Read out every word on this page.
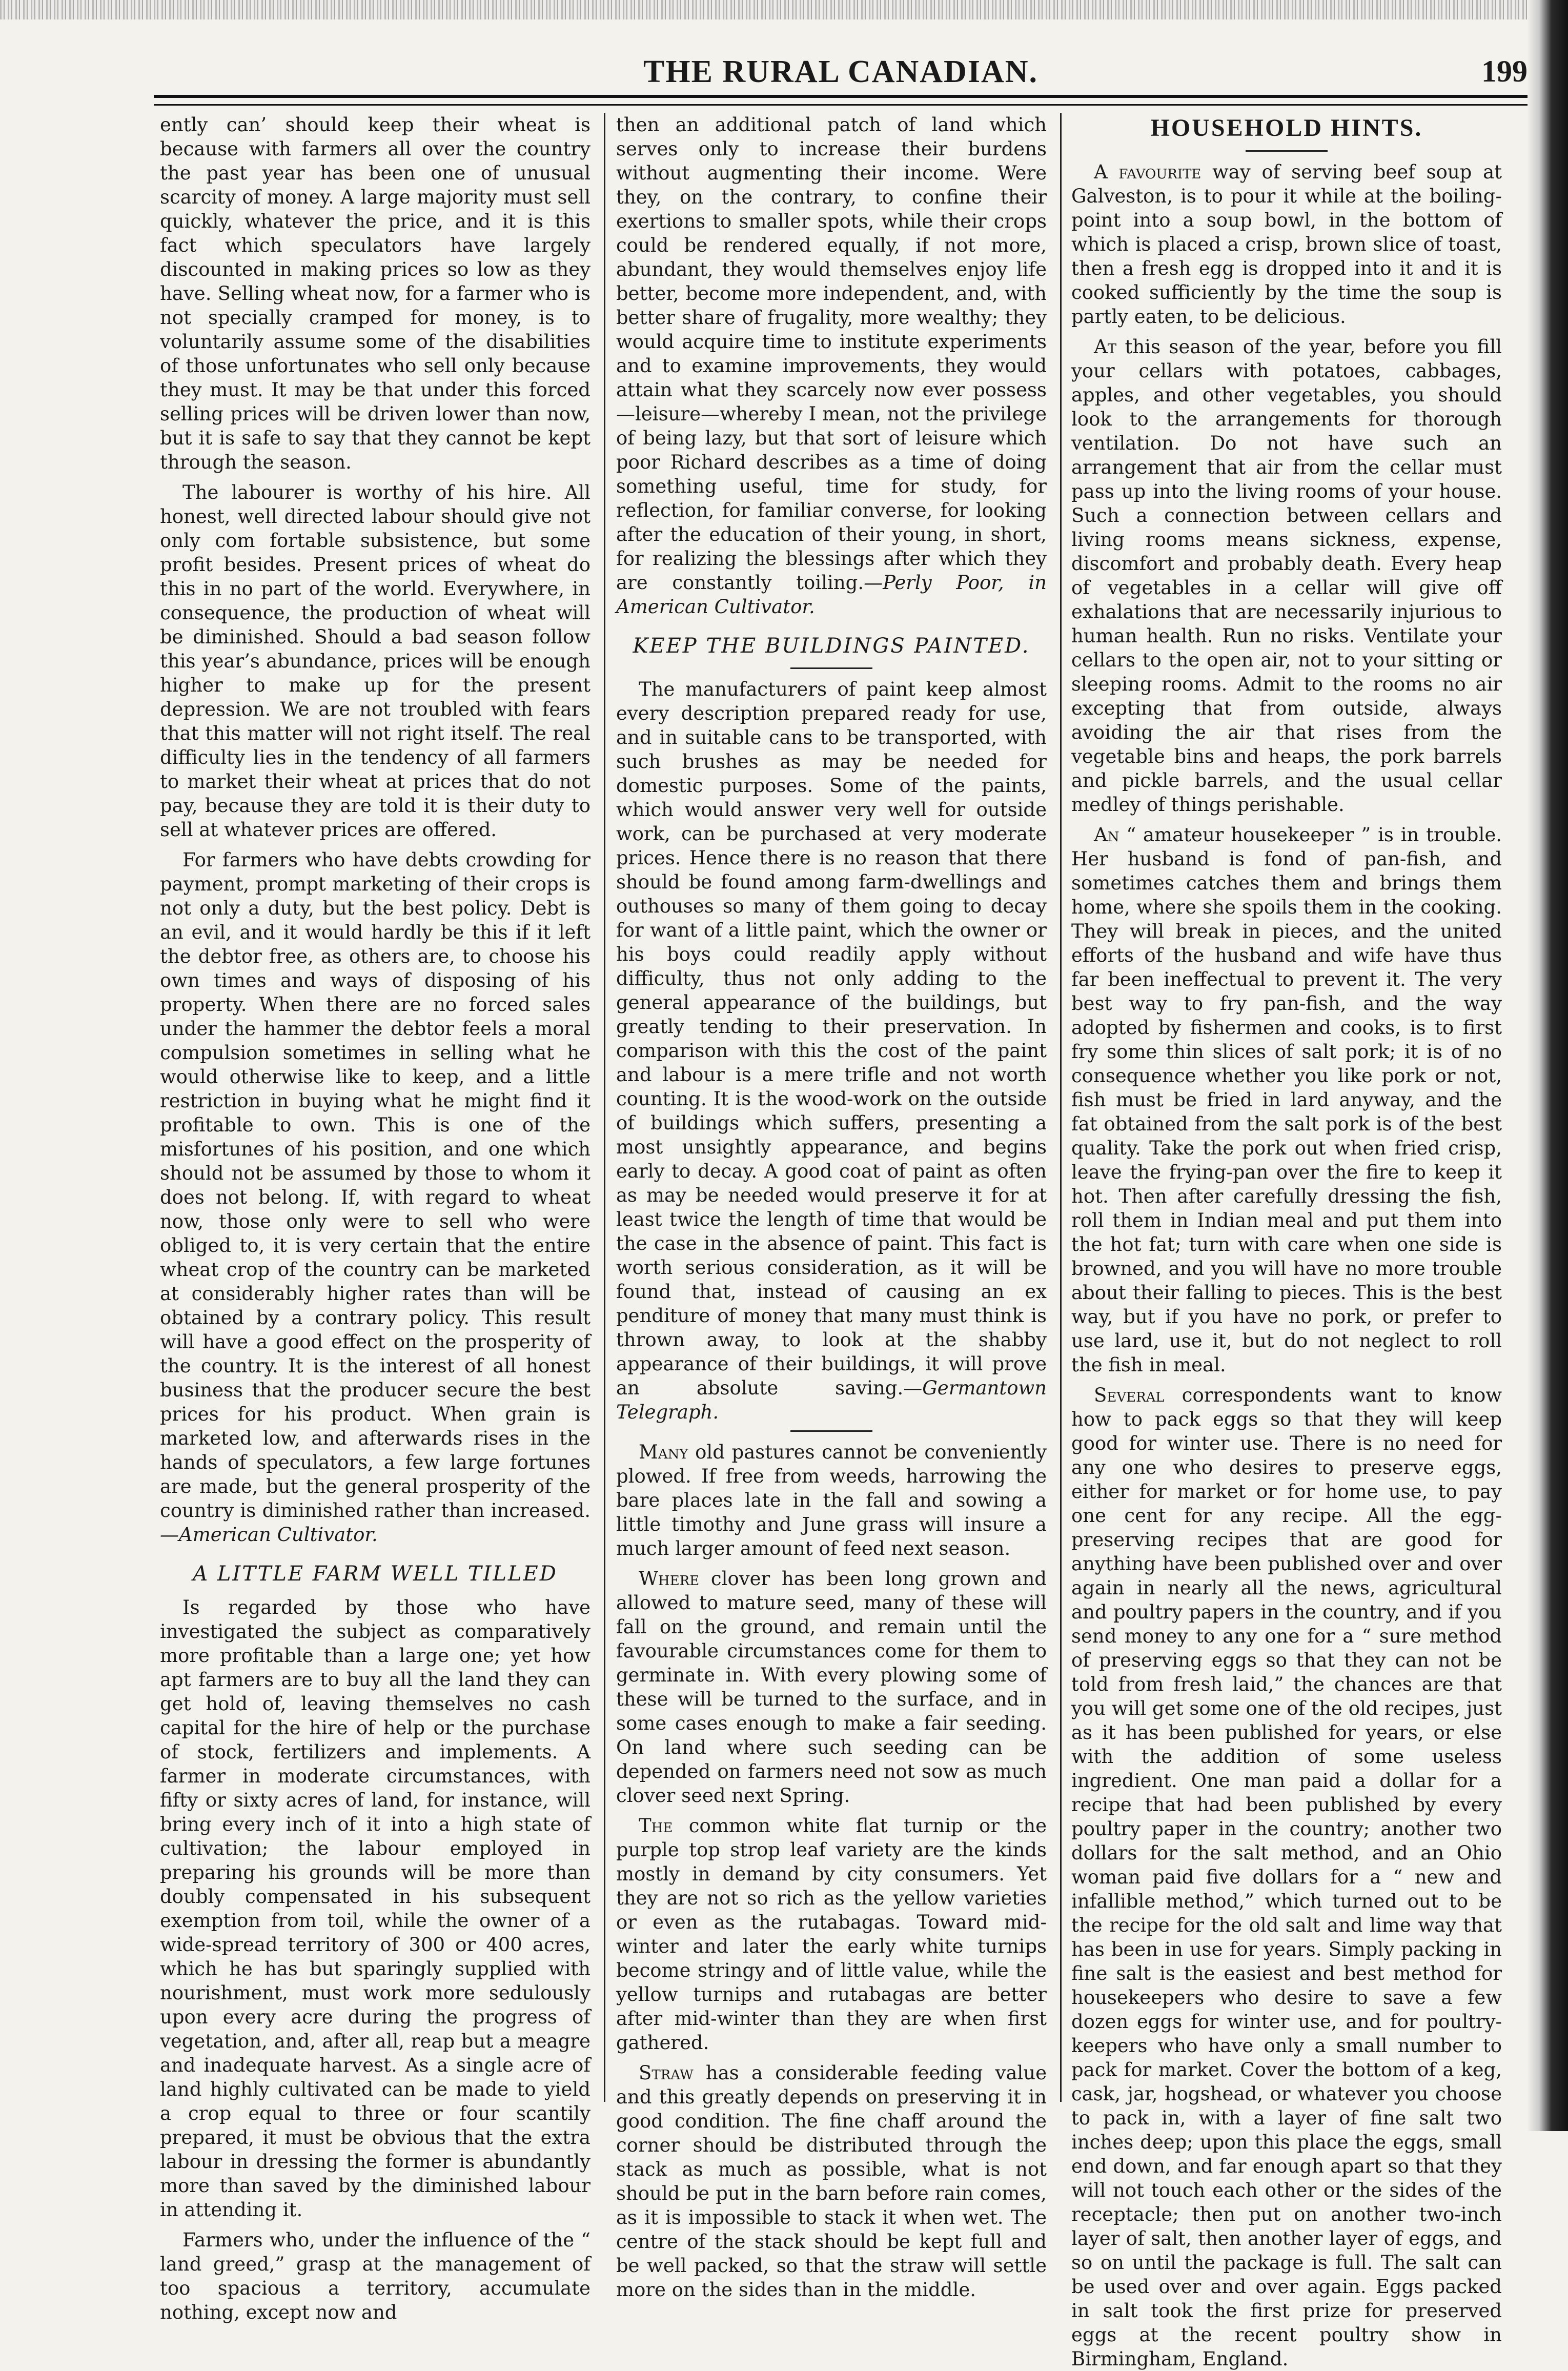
THE RURAL CANADIAN.	199

ently can’ should keep their wheat is because with farmers all over the country the past year has been one of unusual scarcity of money. A large majority must sell quickly, whatever the price, and it is this fact which speculators have largely discounted in making prices so low as they have. Selling wheat now, for a farmer who is not specially cramped for money, is to voluntarily assume some of the disabilities of those unfortunates who sell only because they must. It may be that under this forced selling prices will be driven lower than now, but it is safe to say that they cannot be kept through the season.

The labourer is worthy of his hire. All honest, well directed labour should give not only com fortable subsistence, but some profit besides. Present prices of wheat do this in no part of the world. Everywhere, in consequence, the production of wheat will be diminished. Should a bad season follow this year’s abundance, prices will be enough higher to make up for the present depression. We are not troubled with fears that this matter will not right itself. The real difficulty lies in the tendency of all farmers to market their wheat at prices that do not pay, because they are told it is their duty to sell at whatever prices are offered.

For farmers who have debts crowding for payment, prompt marketing of their crops is not only a duty, but the best policy. Debt is an evil, and it would hardly be this if it left the debtor free, as others are, to choose his own times and ways of disposing of his property. When there are no forced sales under the hammer the debtor feels a moral compulsion sometimes in selling what he would otherwise like to keep, and a little restriction in buying what he might find it profitable to own. This is one of the misfortunes of his position, and one which should not be assumed by those to whom it does not belong. If, with regard to wheat now, those only were to sell who were obliged to, it is very certain that the entire wheat crop of the country can be marketed at considerably higher rates than will be obtained by a contrary policy. This result will have a good effect on the prosperity of the country. It is the interest of all honest business that the producer secure the best prices for his product. When grain is marketed low, and afterwards rises in the hands of speculators, a few large fortunes are made, but the general prosperity of the country is diminished rather than increased.—American Cultivator.

A LITTLE FARM WELL TILLED

Is regarded by those who have investigated the subject as comparatively more profitable than a large one; yet how apt farmers are to buy all the land they can get hold of, leaving themselves no cash capital for the hire of help or the purchase of stock, fertilizers and implements. A farmer in moderate circumstances, with fifty or sixty acres of land, for instance, will bring every inch of it into a high state of cultivation; the labour employed in preparing his grounds will be more than doubly compensated in his subsequent exemption from toil, while the owner of a wide-spread territory of 300 or 400 acres, which he has but sparingly supplied with nourishment, must work more sedulously upon every acre during the progress of vegetation, and, after all, reap but a meagre and inadequate harvest. As a single acre of land highly cultivated can be made to yield a crop equal to three or four scantily prepared, it must be obvious that the extra labour in dressing the former is abundantly more than saved by the diminished labour in attending it.

Farmers who, under the influence of the “ land greed,” grasp at the management of too spacious a territory, accumulate nothing, except now and

then an additional patch of land which serves only to increase their burdens without augmenting their income. Were they, on the contrary, to confine their exertions to smaller spots, while their crops could be rendered equally, if not more, abundant, they would themselves enjoy life better, become more independent, and, with better share of frugality, more wealthy; they would acquire time to institute experiments and to examine improvements, they would attain what they scarcely now ever possess—leisure—whereby I mean, not the privilege of being lazy, but that sort of leisure which poor Richard describes as a time of doing something useful, time for study, for reflection, for familiar converse, for looking after the education of their young, in short, for realizing the blessings after which they are constantly toiling.—Perly Poor, in American Cultivator.

KEEP THE BUILDINGS PAINTED.

The manufacturers of paint keep almost every description prepared ready for use, and in suitable cans to be transported, with such brushes as may be needed for domestic purposes. Some of the paints, which would answer very well for outside work, can be purchased at very moderate prices. Hence there is no reason that there should be found among farm-dwellings and outhouses so many of them going to decay for want of a little paint, which the owner or his boys could readily apply without difficulty, thus not only adding to the general appearance of the buildings, but greatly tending to their preservation. In comparison with this the cost of the paint and labour is a mere trifle and not worth counting. It is the wood-work on the outside of buildings which suffers, presenting a most unsightly appearance, and begins early to decay. A good coat of paint as often as may be needed would preserve it for at least twice the length of time that would be the case in the absence of paint. This fact is worth serious consideration, as it will be found that, instead of causing an ex penditure of money that many must think is thrown away, to look at the shabby appearance of their buildings, it will prove an absolute saving.—Germantown Telegraph.

Many old pastures cannot be conveniently plowed. If free from weeds, harrowing the bare places late in the fall and sowing a little timothy and June grass will insure a much larger amount of feed next season.

Where clover has been long grown and allowed to mature seed, many of these will fall on the ground, and remain until the favourable circumstances come for them to germinate in. With every plowing some of these will be turned to the surface, and in some cases enough to make a fair seeding. On land where such seeding can be depended on farmers need not sow as much clover seed next Spring.

The common white flat turnip or the purple top strop leaf variety are the kinds mostly in demand by city consumers. Yet they are not so rich as the yellow varieties or even as the rutabagas. Toward mid-winter and later the early white turnips become stringy and of little value, while the yellow turnips and rutabagas are better after mid-winter than they are when first gathered.

Straw has a considerable feeding value and this greatly depends on preserving it in good condition. The fine chaff around the corner should be distributed through the stack as much as possible, what is not should be put in the barn before rain comes, as it is impossible to stack it when wet. The centre of the stack should be kept full and be well packed, so that the straw will settle more on the sides than in the middle.

HOUSEHOLD HINTS.

A favourite way of serving beef soup at Galveston, is to pour it while at the boiling-point into a soup bowl, in the bottom of which is placed a crisp, brown slice of toast, then a fresh egg is dropped into it and it is cooked sufficiently by the time the soup is partly eaten, to be delicious.

At this season of the year, before you fill your cellars with potatoes, cabbages, apples, and other vegetables, you should look to the arrangements for thorough ventilation. Do not have such an arrangement that air from the cellar must pass up into the living rooms of your house. Such a connection between cellars and living rooms means sickness, expense, discomfort and probably death. Every heap of vegetables in a cellar will give off exhalations that are necessarily injurious to human health. Run no risks. Ventilate your cellars to the open air, not to your sitting or sleeping rooms. Admit to the rooms no air excepting that from outside, always avoiding the air that rises from the vegetable bins and heaps, the pork barrels and pickle barrels, and the usual cellar medley of things perishable.

An “ amateur housekeeper ” is in trouble. Her husband is fond of pan-fish, and sometimes catches them and brings them home, where she spoils them in the cooking. They will break in pieces, and the united efforts of the husband and wife have thus far been ineffectual to prevent it. The very best way to fry pan-fish, and the way adopted by fishermen and cooks, is to first fry some thin slices of salt pork; it is of no consequence whether you like pork or not, fish must be fried in lard anyway, and the fat obtained from the salt pork is of the best quality. Take the pork out when fried crisp, leave the frying-pan over the fire to keep it hot. Then after carefully dressing the fish, roll them in Indian meal and put them into the hot fat; turn with care when one side is browned, and you will have no more trouble about their falling to pieces. This is the best way, but if you have no pork, or prefer to use lard, use it, but do not neglect to roll the fish in meal.

Several correspondents want to know how to pack eggs so that they will keep good for winter use. There is no need for any one who desires to preserve eggs, either for market or for home use, to pay one cent for any recipe. All the egg-preserving recipes that are good for anything have been published over and over again in nearly all the news, agricultural and poultry papers in the country, and if you send money to any one for a “ sure method of preserving eggs so that they can not be told from fresh laid,” the chances are that you will get some one of the old recipes, just as it has been published for years, or else with the addition of some useless ingredient. One man paid a dollar for a recipe that had been published by every poultry paper in the country; another two dollars for the salt method, and an Ohio woman paid five dollars for a “ new and infallible method,” which turned out to be the recipe for the old salt and lime way that has been in use for years. Simply packing in fine salt is the easiest and best method for housekeepers who desire to save a few dozen eggs for winter use, and for poultry-keepers who have only a small number to pack for market. Cover the bottom of a keg, cask, jar, hogshead, or whatever you choose to pack in, with a layer of fine salt two inches deep; upon this place the eggs, small end down, and far enough apart so that they will not touch each other or the sides of the receptacle; then put on another two-inch layer of salt, then another layer of eggs, and so on until the package is full. The salt can be used over and over again. Eggs packed in salt took the first prize for preserved eggs at the recent poultry show in Birmingham, England.
